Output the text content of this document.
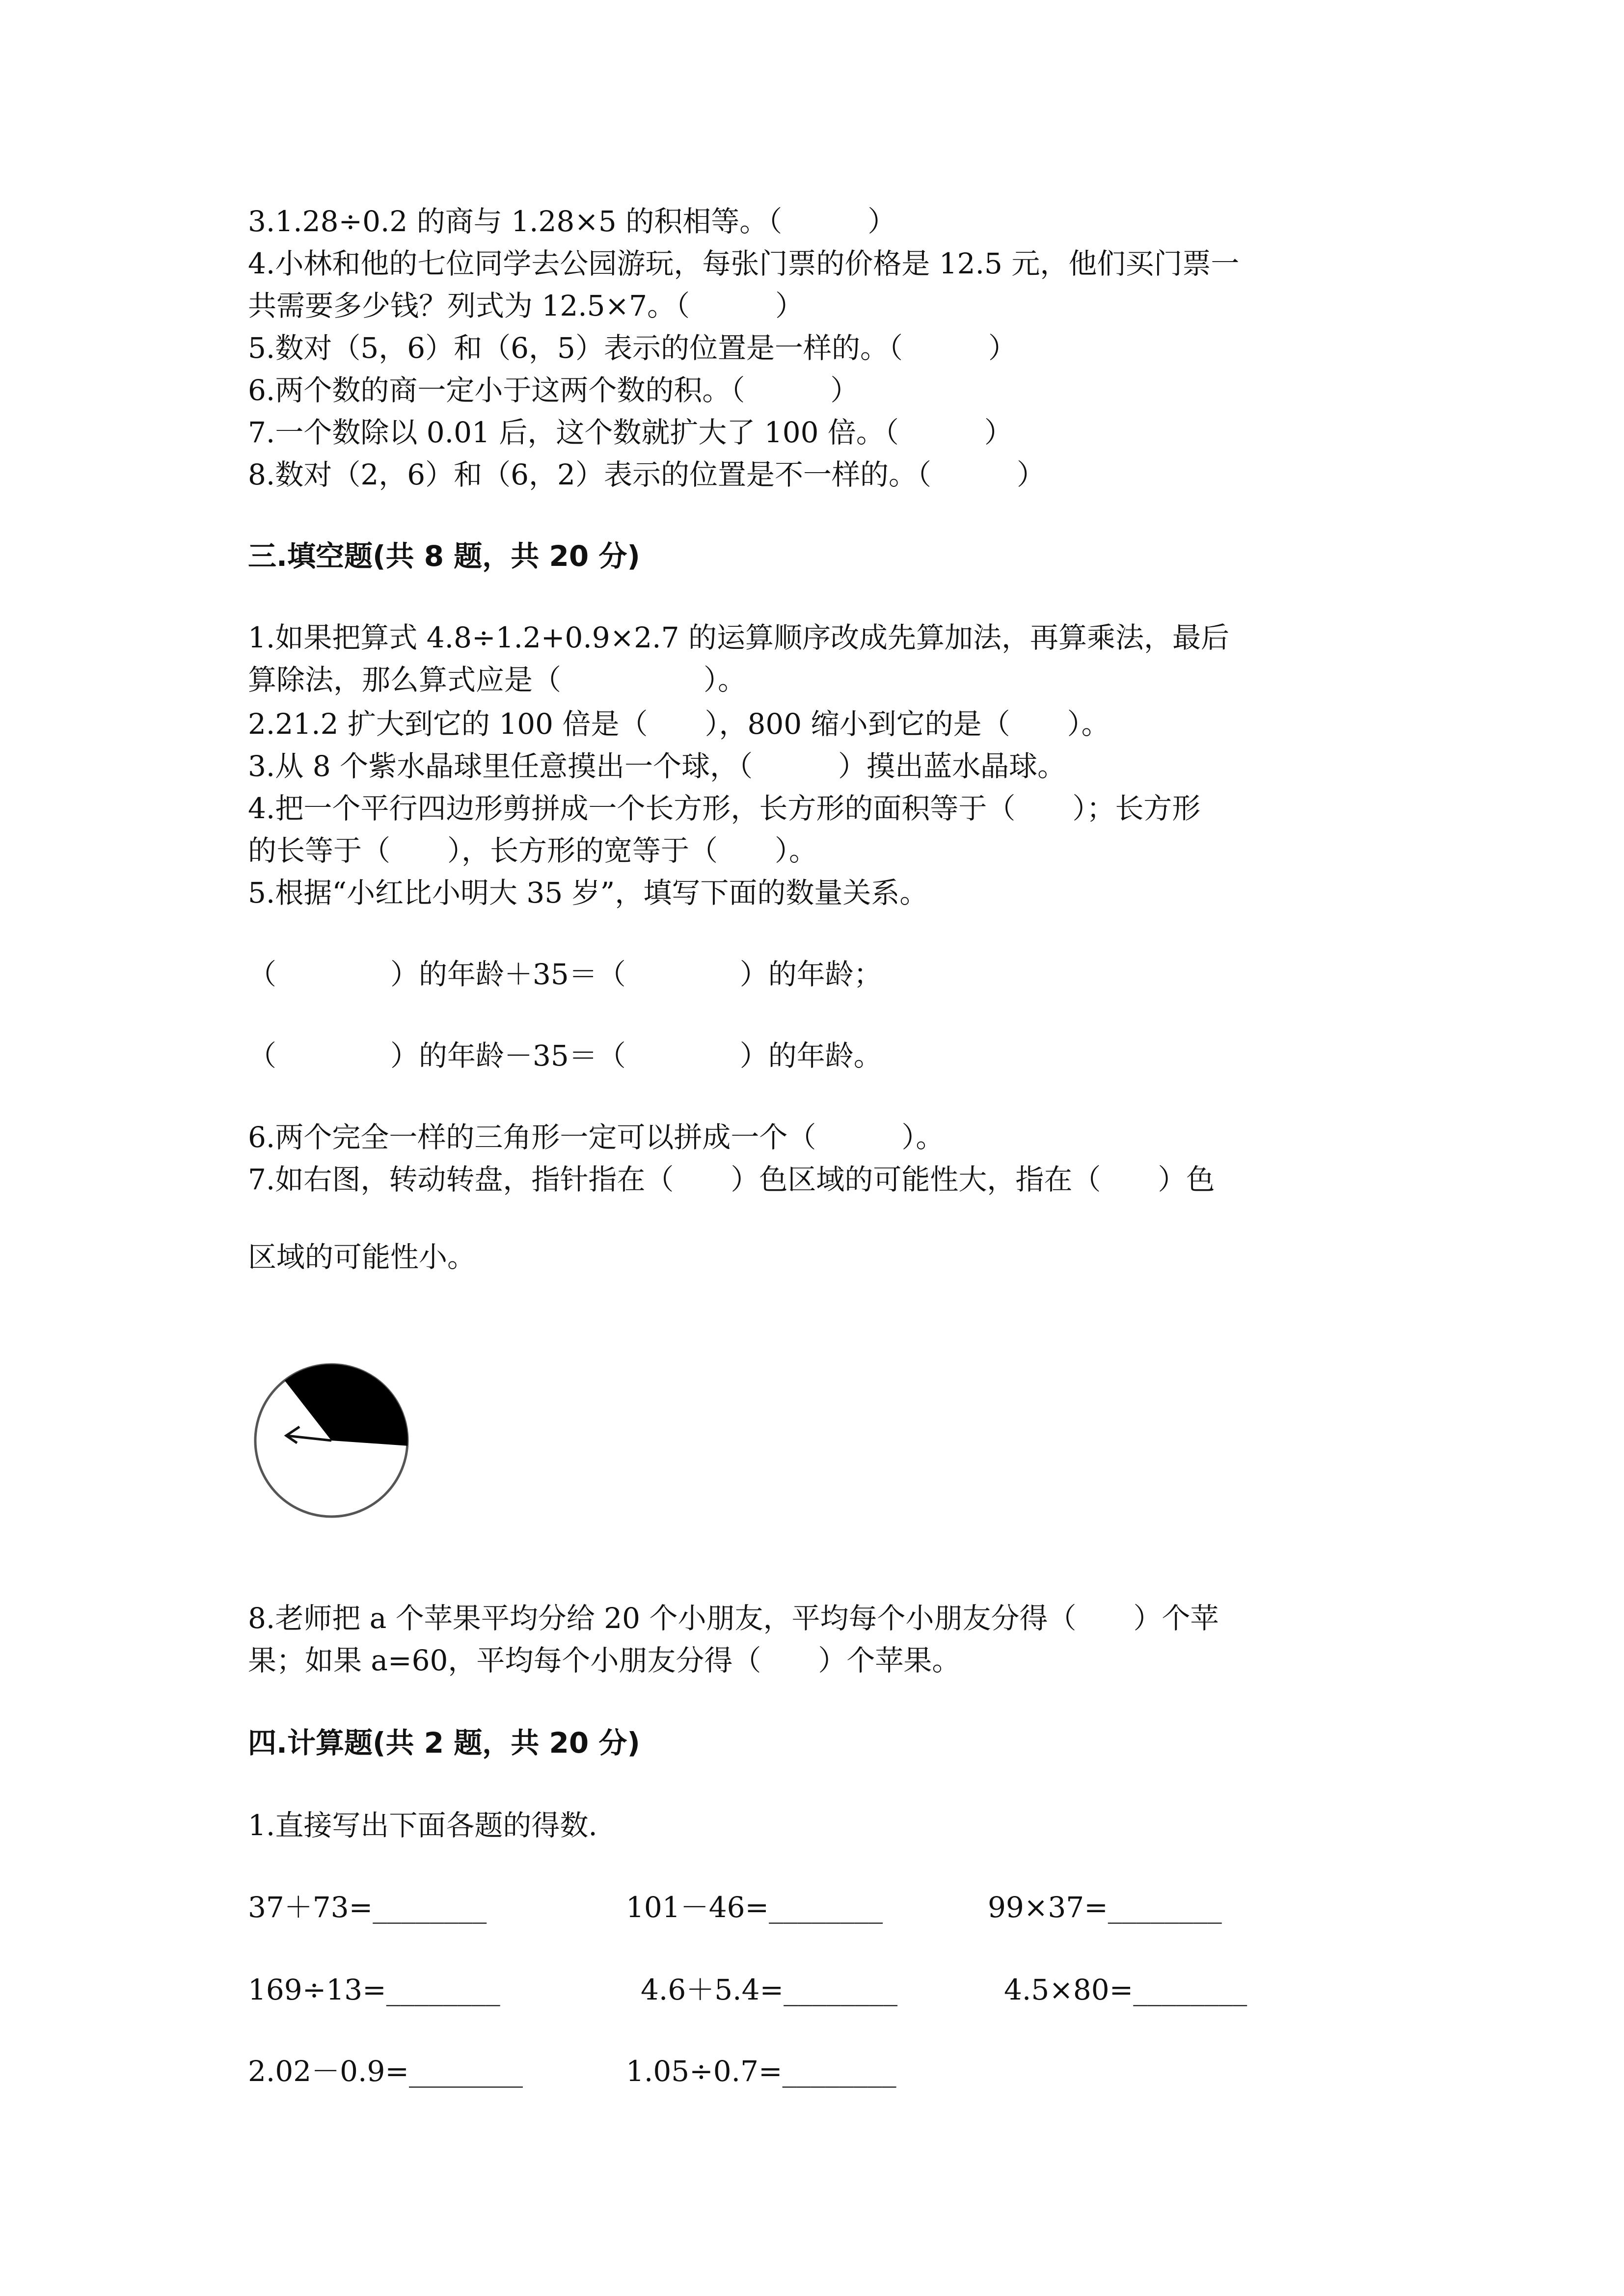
3.1.28÷0.2 的商与 1.28×5 的积相等。（　　　）

4.小林和他的七位同学去公园游玩，每张门票的价格是 12.5 元，他们买门票一

共需要多少钱？列式为 12.5×7。（　　　）

5.数对（5，6）和（6，5）表示的位置是一样的。（　　　）

6.两个数的商一定小于这两个数的积。（　　　）

7.一个数除以 0.01 后，这个数就扩大了 100 倍。（　　　）

8.数对（2，6）和（6，2）表示的位置是不一样的。（　　　）

三.填空题(共 8 题，共 20 分)

1.如果把算式 4.8÷1.2+0.9×2.7 的运算顺序改成先算加法，再算乘法，最后

算除法，那么算式应是（　　　　　）。

2.21.2 扩大到它的 100 倍是（　　），800 缩小到它的是（　　）。

3.从 8 个紫水晶球里任意摸出一个球，（　　　）摸出蓝水晶球。

4.把一个平行四边形剪拼成一个长方形，长方形的面积等于（　　）；长方形

的长等于（　　），长方形的宽等于（　　）。

5.根据“小红比小明大 35 岁”，填写下面的数量关系。

（　　　　）的年龄＋35＝（　　　　）的年龄；

（　　　　）的年龄－35＝（　　　　）的年龄。

6.两个完全一样的三角形一定可以拼成一个（　　　）。

7.如右图，转动转盘，指针指在（　　）色区域的可能性大，指在（　　）色

区域的可能性小。

8.老师把 a 个苹果平均分给 20 个小朋友，平均每个小朋友分得（　　）个苹

果；如果 a=60，平均每个小朋友分得（　　）个苹果。

四.计算题(共 2 题，共 20 分)

1.直接写出下面各题的得数.

37＋73=________	101－46=________	99×37=________
169÷13=________	4.6＋5.4=________	4.5×80=________
2.02－0.9=________	1.05÷0.7=________
